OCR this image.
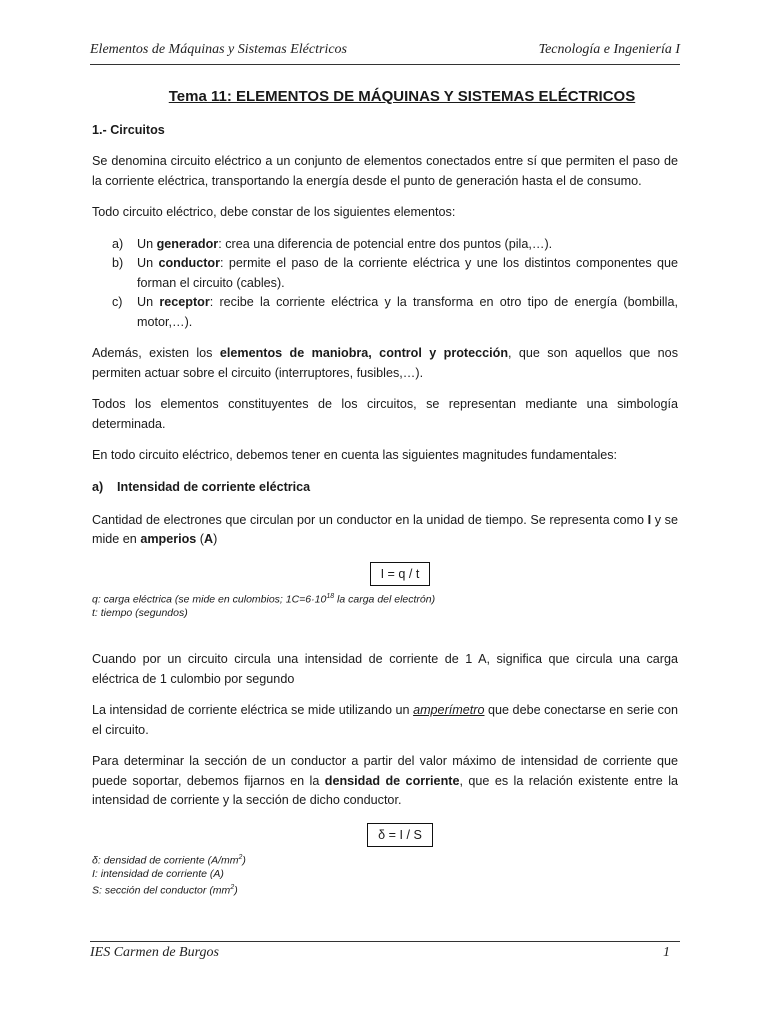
Elementos de Máquinas y Sistemas Eléctricos	Tecnología e Ingeniería I
Tema 11: ELEMENTOS DE MÁQUINAS Y SISTEMAS ELÉCTRICOS
1.- Circuitos

Se denomina circuito eléctrico a un conjunto de elementos conectados entre sí que permiten el paso de la corriente eléctrica, transportando la energía desde el punto de generación hasta el de consumo.

Todo circuito eléctrico, debe constar de los siguientes elementos:

a) Un generador: crea una diferencia de potencial entre dos puntos (pila,…).
b) Un conductor: permite el paso de la corriente eléctrica y une los distintos componentes que forman el circuito (cables).
c) Un receptor: recibe la corriente eléctrica y la transforma en otro tipo de energía (bombilla, motor,…).

Además, existen los elementos de maniobra, control y protección, que son aquellos que nos permiten actuar sobre el circuito (interruptores, fusibles,…).

Todos los elementos constituyentes de los circuitos, se representan mediante una simbología determinada.

En todo circuito eléctrico, debemos tener en cuenta las siguientes magnitudes fundamentales:

a) Intensidad de corriente eléctrica

Cantidad de electrones que circulan por un conductor en la unidad de tiempo. Se representa como I y se mide en amperios (A)

I = q / t

q: carga eléctrica (se mide en culombios; $1C=6\cdot 10^{18}$ la carga del electrón)

t: tiempo (segundos)

Cuando por un circuito circula una intensidad de corriente de 1 A, significa que circula una carga eléctrica de 1 culombio por segundo

La intensidad de corriente eléctrica se mide utilizando un amperímetro que debe conectarse en serie con el circuito.

Para determinar la sección de un conductor a partir del valor máximo de intensidad de corriente que puede soportar, debemos fijarnos en la densidad de corriente, que es la relación existente entre la intensidad de corriente y la sección de dicho conductor.

δ = I / S

δ: densidad de corriente $(A/mm^2)$

I: intensidad de corriente (A)

S: sección del conductor $(mm^2)$

IES Carmen de Burgos	1
